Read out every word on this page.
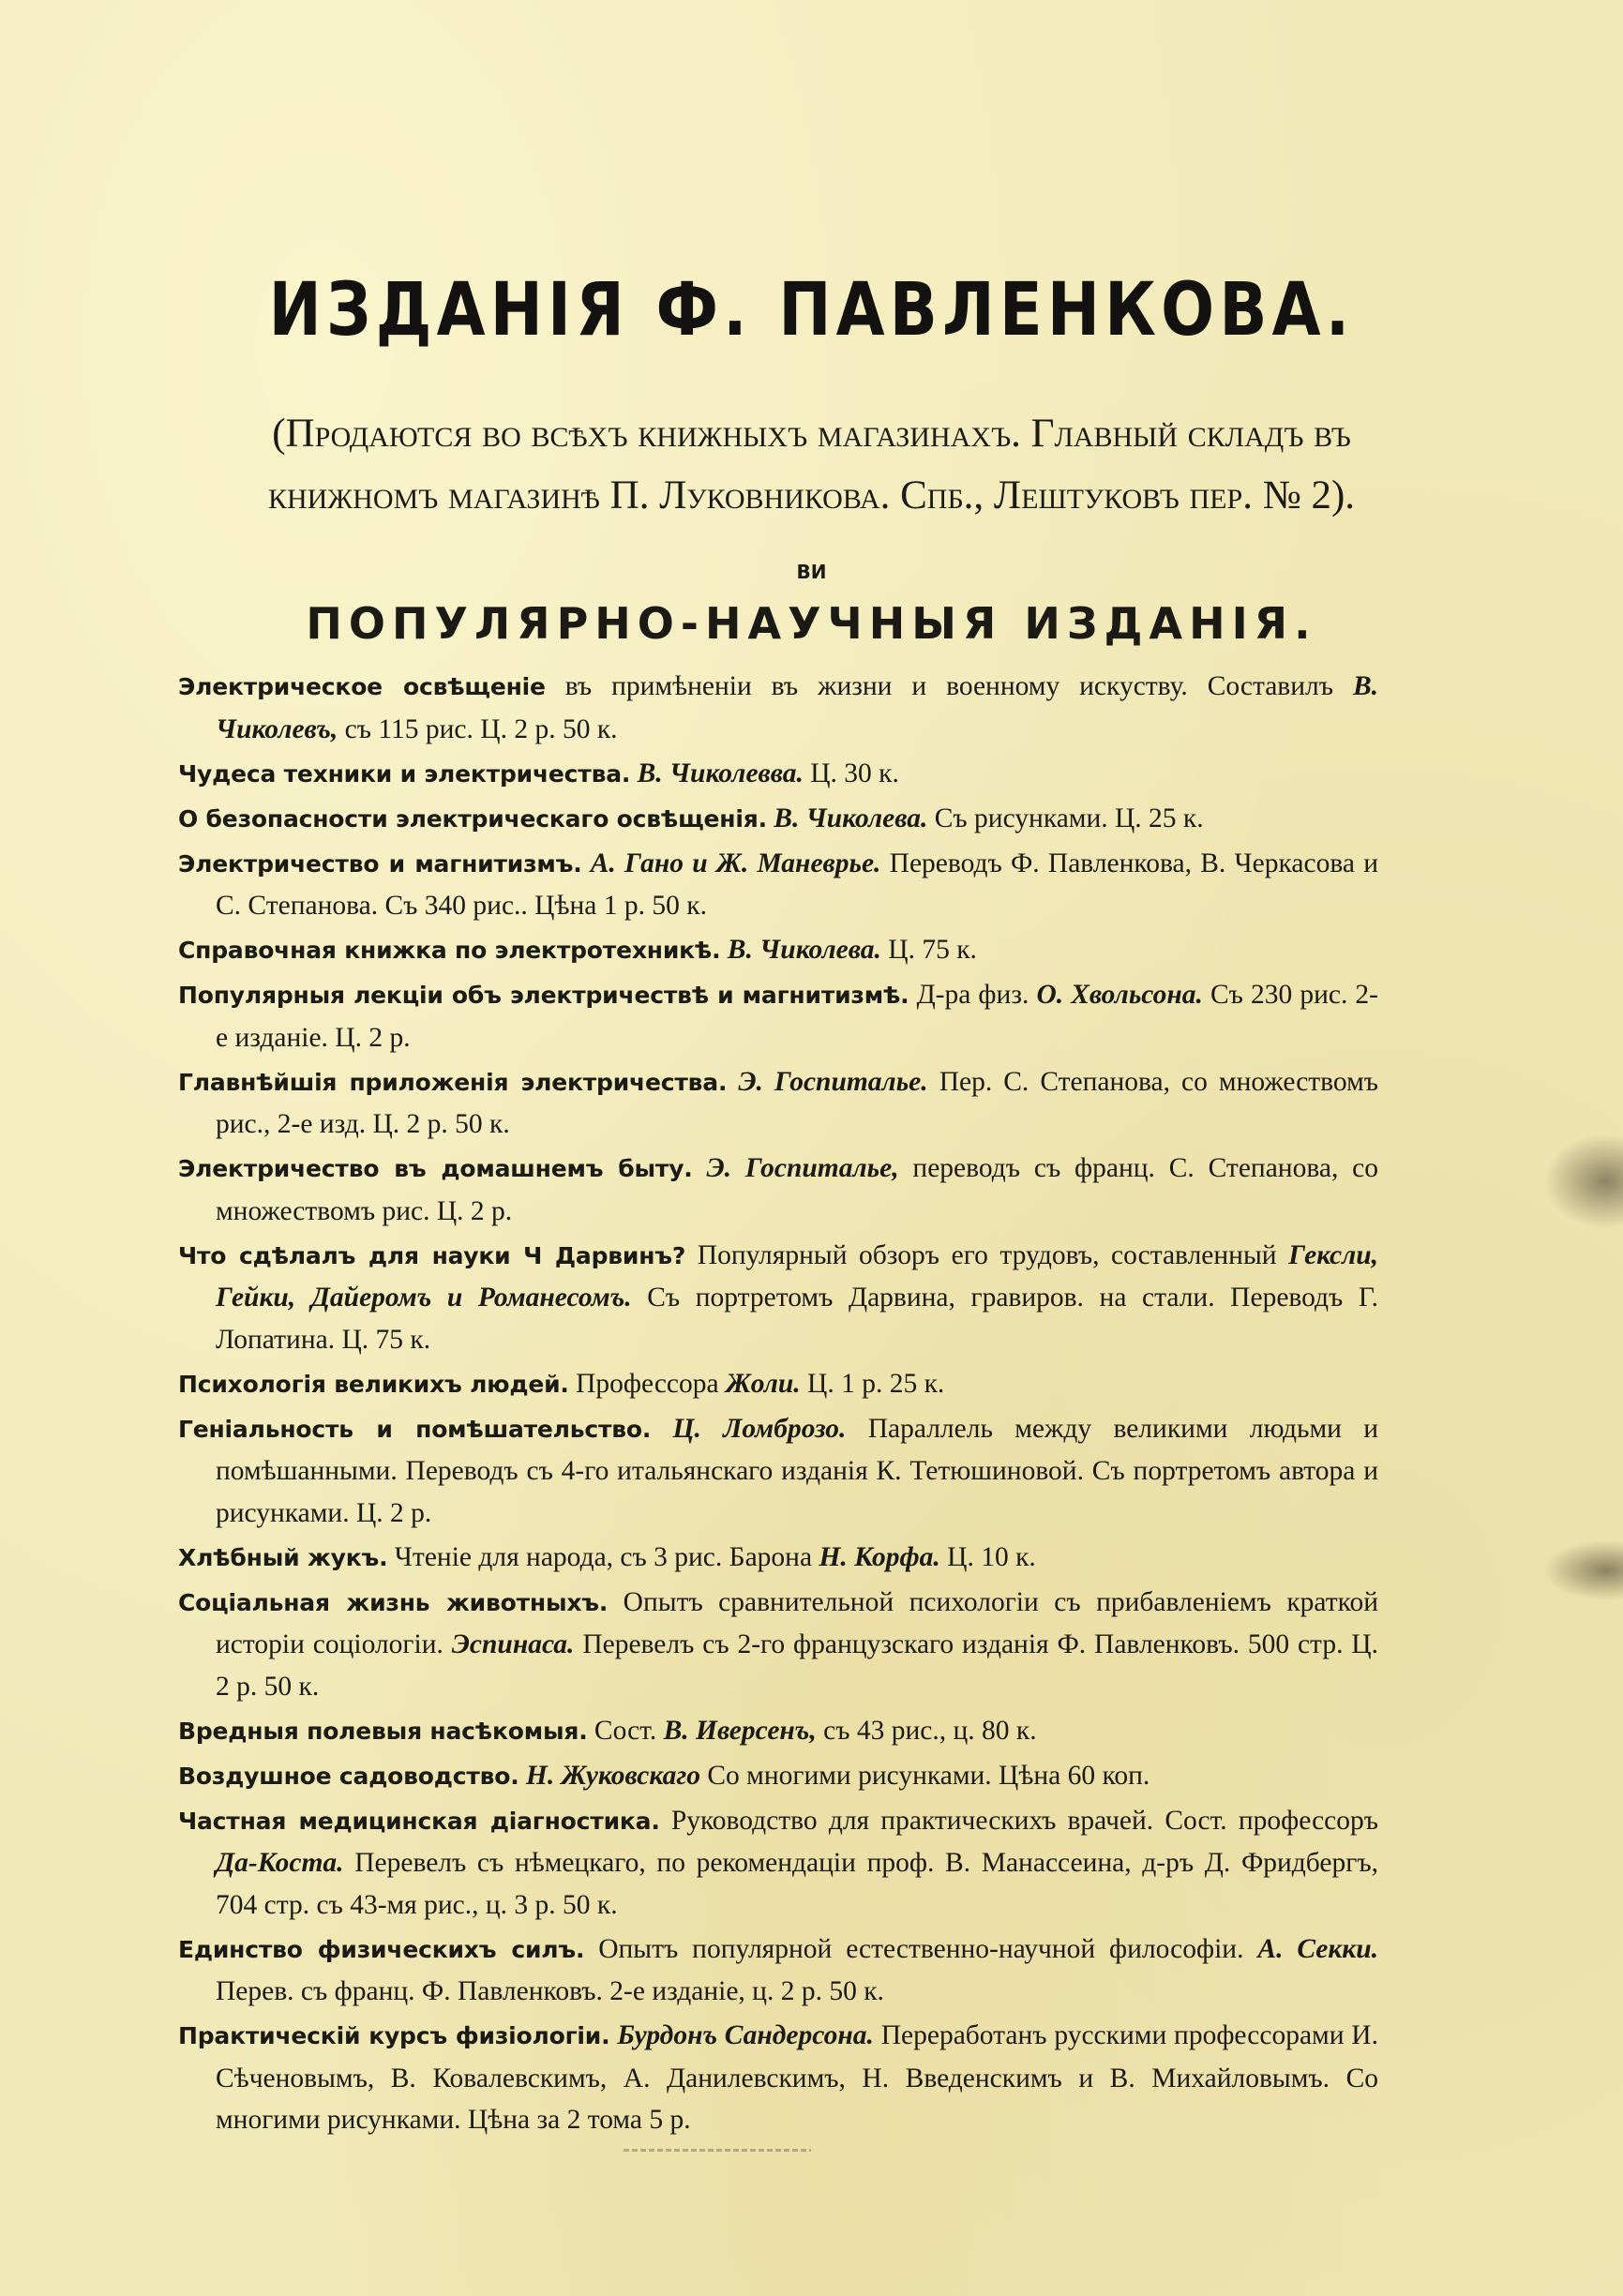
ИЗДАНІЯ Ф. ПАВЛЕНКОВА.

(Продаются во всѣхъ книжныхъ магазинахъ. Главный складъ въ
книжномъ магазинѣ П. Луковникова. Спб., Лештуковъ пер. № 2).

ВИ

ПОПУЛЯРНО-НАУЧНЫЯ ИЗДАНІЯ.
Электрическое освѣщеніе въ примѣненіи въ жизни и военному искуству. Составилъ В. Чиколевъ, съ 115 рис. Ц. 2 р. 50 к.
Чудеса техники и электричества. В. Чиколевва. Ц. 30 к.
О безопасности электрическаго освѣщенія. В. Чиколева. Съ рисунками. Ц. 25 к.
Электричество и магнитизмъ. А. Гано и Ж. Маневрье. Переводъ Ф. Павленкова, В. Черкасова и С. Степанова. Съ 340 рис.. Цѣна 1 р. 50 к.
Справочная книжка по электротехникѣ. В. Чиколева. Ц. 75 к.
Популярныя лекціи объ электричествѣ и магнитизмѣ. Д-ра физ. О. Хвольсона. Съ 230 рис. 2-е изданіе. Ц. 2 р.
Главнѣйшія приложенія электричества. Э. Госпиталье. Пер. С. Степанова, со множествомъ рис., 2-е изд. Ц. 2 р. 50 к.
Электричество въ домашнемъ быту. Э. Госпиталье, переводъ съ франц. С. Степанова, со множествомъ рис. Ц. 2 р.
Что сдѣлалъ для науки Ч Дарвинъ? Популярный обзоръ его трудовъ, составленный Гексли, Гейки, Дайеромъ и Романесомъ. Съ портретомъ Дарвина, гравиров. на стали. Переводъ Г. Лопатина. Ц. 75 к.
Психологія великихъ людей. Профессора Жоли. Ц. 1 р. 25 к.
Геніальность и помѣшательство. Ц. Ломброзо. Параллель между великими людьми и помѣшанными. Переводъ съ 4-го итальянскаго изданія К. Тетюшиновой. Съ портретомъ автора и рисунками. Ц. 2 р.
Хлѣбный жукъ. Чтеніе для народа, съ 3 рис. Барона Н. Корфа. Ц. 10 к.
Соціальная жизнь животныхъ. Опытъ сравнительной психологіи съ прибавленіемъ краткой исторіи соціологіи. Эспинаса. Перевелъ съ 2-го французскаго изданія Ф. Павленковъ. 500 стр. Ц. 2 р. 50 к.
Вредныя полевыя насѣкомыя. Сост. В. Иверсенъ, съ 43 рис., ц. 80 к.
Воздушное садоводство. Н. Жуковскаго Со многими рисунками. Цѣна 60 коп.
Частная медицинская діагностика. Руководство для практическихъ врачей. Сост. профессоръ Да-Коста. Перевелъ съ нѣмецкаго, по рекомендаціи проф. В. Манассеина, д-ръ Д. Фридбергъ, 704 стр. съ 43-мя рис., ц. 3 р. 50 к.
Единство физическихъ силъ. Опытъ популярной естественно-научной философіи. А. Секки. Перев. съ франц. Ф. Павленковъ. 2-е изданіе, ц. 2 р. 50 к.
Практическій курсъ физіологіи. Бурдонъ Сандерсона. Переработанъ русскими профессорами И. Сѣченовымъ, В. Ковалевскимъ, А. Данилевскимъ, Н. Введенскимъ и В. Михайловымъ. Со многими рисунками. Цѣна за 2 тома 5 р.
